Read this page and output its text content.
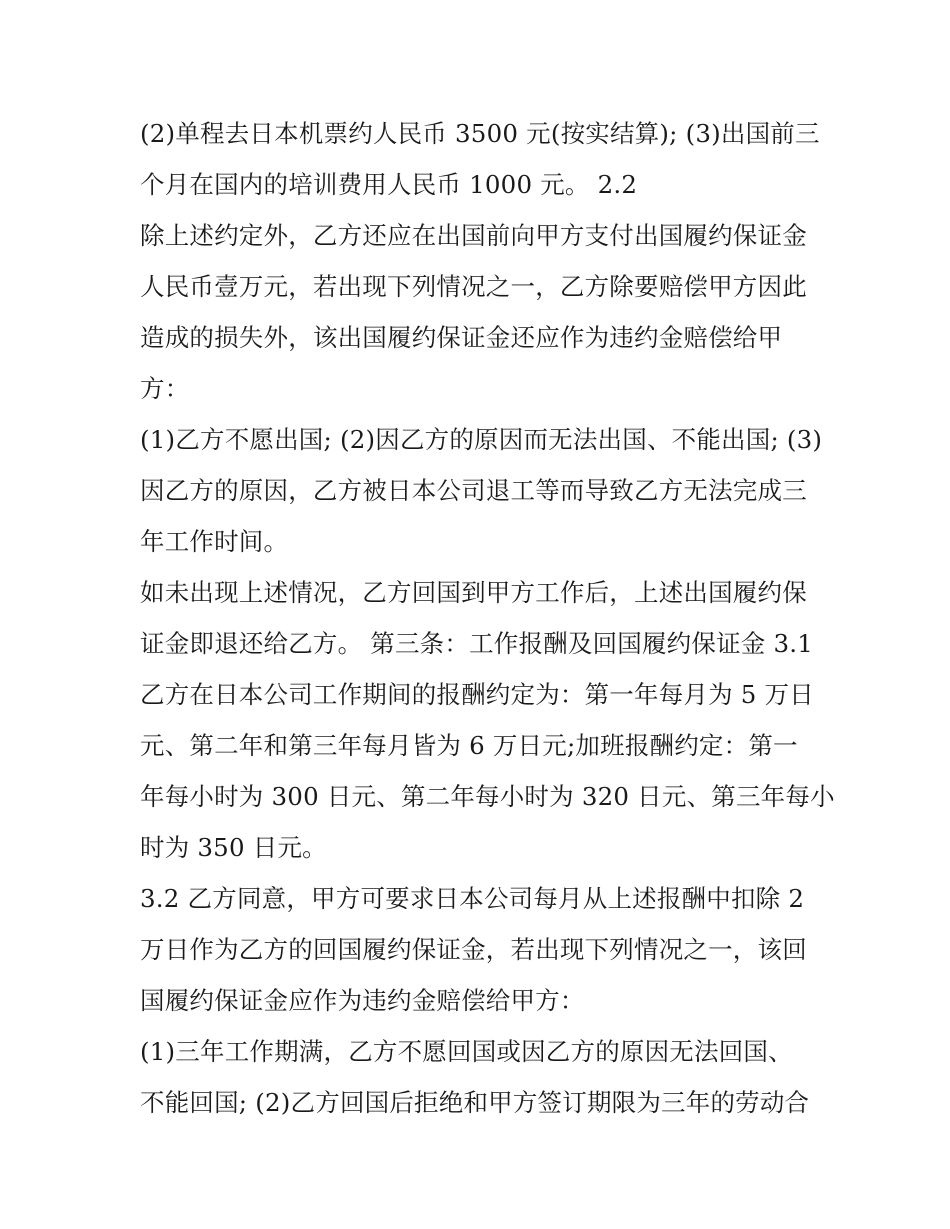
(2)单程去日本机票约人民币 3500 元(按实结算); (3)出国前三
个月在国内的培训费用人民币 1000 元。 2.2
除上述约定外，乙方还应在出国前向甲方支付出国履约保证金
人民币壹万元，若出现下列情况之一，乙方除要赔偿甲方因此
造成的损失外，该出国履约保证金还应作为违约金赔偿给甲
方：
(1)乙方不愿出国; (2)因乙方的原因而无法出国、不能出国; (3)
因乙方的原因，乙方被日本公司退工等而导致乙方无法完成三
年工作时间。
如未出现上述情况，乙方回国到甲方工作后，上述出国履约保
证金即退还给乙方。 第三条：工作报酬及回国履约保证金 3.1
乙方在日本公司工作期间的报酬约定为：第一年每月为 5 万日
元、第二年和第三年每月皆为 6 万日元;加班报酬约定：第一
年每小时为 300 日元、第二年每小时为 320 日元、第三年每小
时为 350 日元。
3.2 乙方同意，甲方可要求日本公司每月从上述报酬中扣除 2
万日作为乙方的回国履约保证金，若出现下列情况之一，该回
国履约保证金应作为违约金赔偿给甲方：
(1)三年工作期满，乙方不愿回国或因乙方的原因无法回国、
不能回国; (2)乙方回国后拒绝和甲方签订期限为三年的劳动合
